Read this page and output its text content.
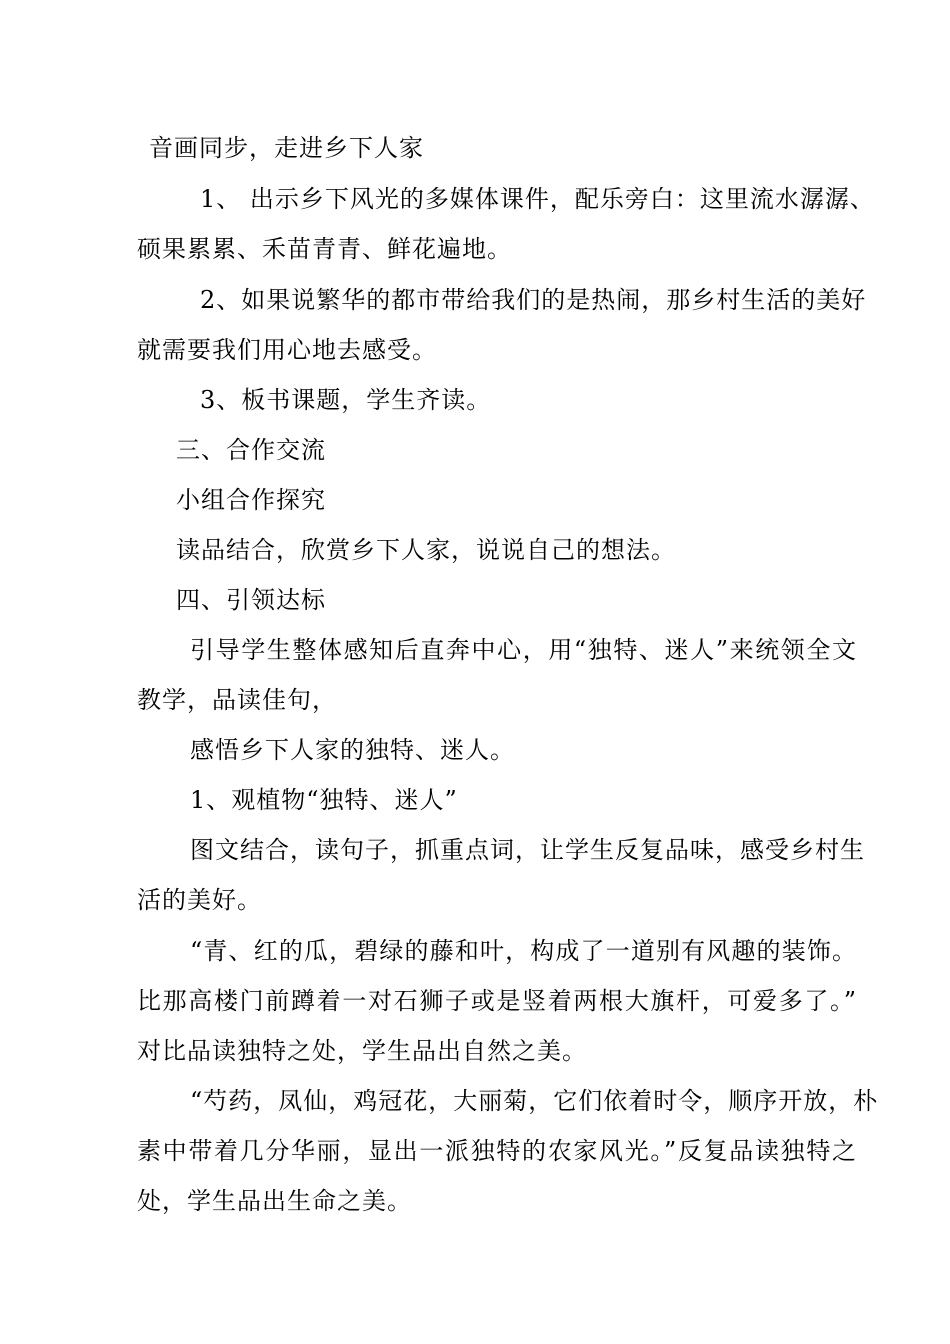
音画同步，走进乡下人家
1、 出示乡下风光的多媒体课件，配乐旁白：这里流水潺潺、
硕果累累、禾苗青青、鲜花遍地。
2、如果说繁华的都市带给我们的是热闹，那乡村生活的美好
就需要我们用心地去感受。
3、板书课题，学生齐读。
三、合作交流
小组合作探究
读品结合，欣赏乡下人家，说说自己的想法。
四、引领达标
引导学生整体感知后直奔中心，用“独特、迷人”来统领全文
教学，品读佳句，
感悟乡下人家的独特、迷人。
1、观植物“独特、迷人”
图文结合，读句子，抓重点词，让学生反复品味，感受乡村生
活的美好。
“青、红的瓜，碧绿的藤和叶，构成了一道别有风趣的装饰。
比那高楼门前蹲着一对石狮子或是竖着两根大旗杆，可爱多了。”
对比品读独特之处，学生品出自然之美。
“芍药，凤仙，鸡冠花，大丽菊，它们依着时令，顺序开放，朴
素中带着几分华丽，显出一派独特的农家风光。”反复品读独特之
处，学生品出生命之美。
